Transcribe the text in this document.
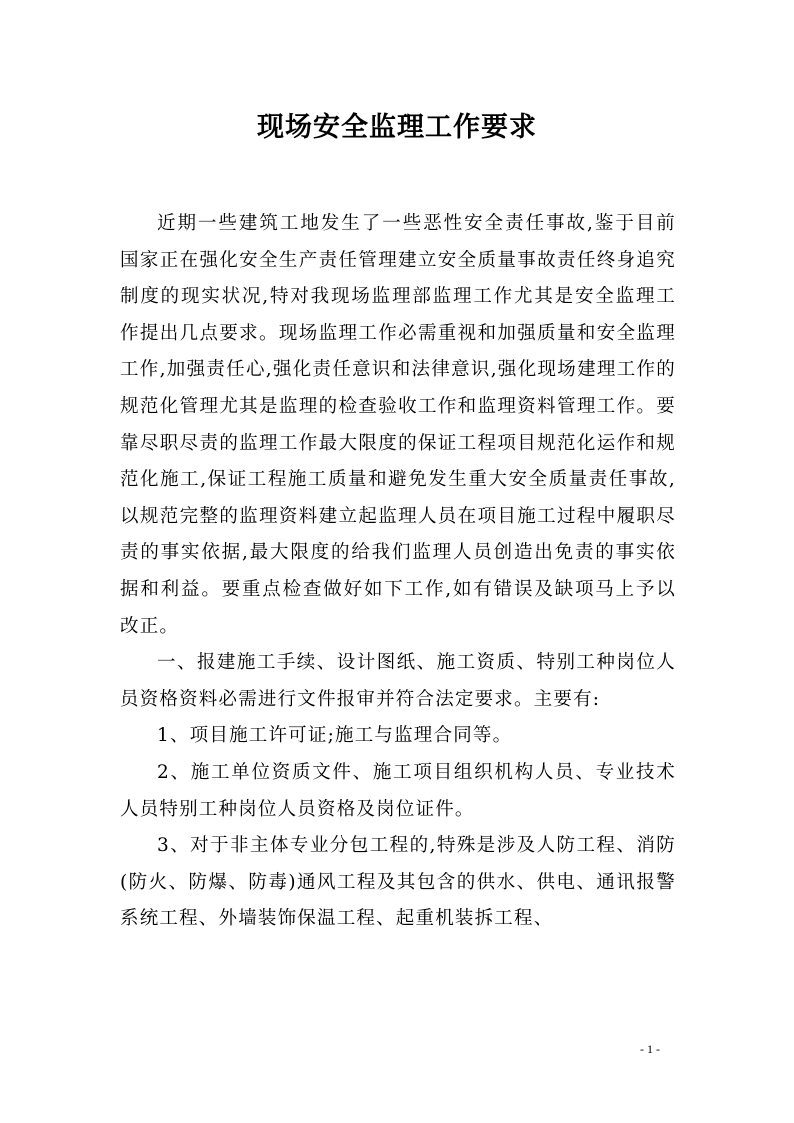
现场安全监理工作要求

近期一些建筑工地发生了一些恶性安全责任事故,鉴于目前国家正在强化安全生产责任管理建立安全质量事故责任终身追究制度的现实状况,特对我现场监理部监理工作尤其是安全监理工作提出几点要求。现场监理工作必需重视和加强质量和安全监理工作,加强责任心,强化责任意识和法律意识,强化现场建理工作的规范化管理尤其是监理的检查验收工作和监理资料管理工作。要靠尽职尽责的监理工作最大限度的保证工程项目规范化运作和规范化施工,保证工程施工质量和避免发生重大安全质量责任事故,以规范完整的监理资料建立起监理人员在项目施工过程中履职尽责的事实依据,最大限度的给我们监理人员创造出免责的事实依据和利益。要重点检查做好如下工作,如有错误及缺项马上予以改正。

一、报建施工手续、设计图纸、施工资质、特别工种岗位人员资格资料必需进行文件报审并符合法定要求。主要有:

1、项目施工许可证;施工与监理合同等。

2、施工单位资质文件、施工项目组织机构人员、专业技术人员特别工种岗位人员资格及岗位证件。

3、对于非主体专业分包工程的,特殊是涉及人防工程、消防(防火、防爆、防毒)通风工程及其包含的供水、供电、通讯报警系统工程、外墙装饰保温工程、起重机装拆工程、

- 1 -
